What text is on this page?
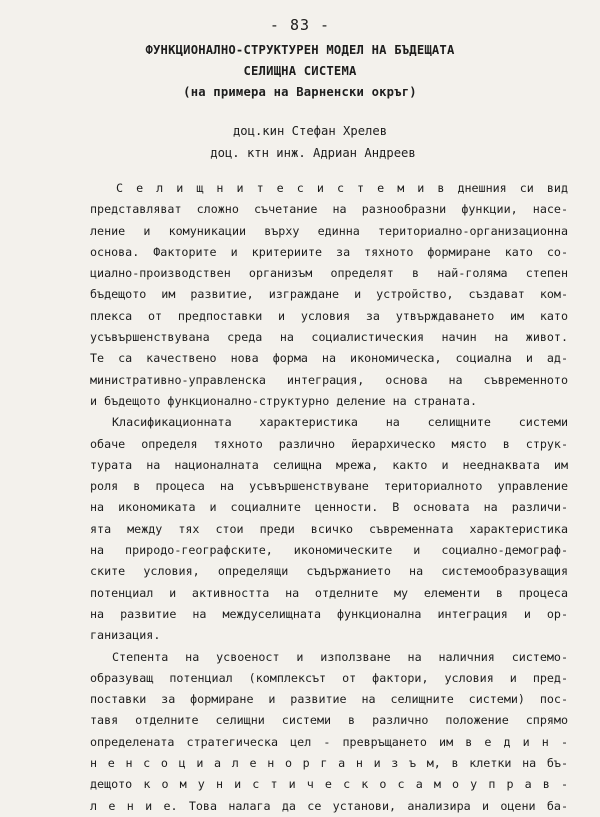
- 83 -
ФУНКЦИОНАЛНО-СТРУКТУРЕН МОДЕЛ НА БЪДЕЩАТА
СЕЛИЩНА СИСТЕМА
(на примера на Варненски окръг)
доц.кин Стефан Хрелев
доц. ктн инж. Адриан Андреев
С е л и щ н и т е с и с т е м и в днешния си вид
представляват сложно съчетание на разнообразни функции, насе-
ление и комуникации върху единна териториално-организационна
основа. Факторите и критериите за тяхното формиране като со-
циално-производствен организъм определят в най-голяма степен
бъдещото им развитие, изграждане и устройство, създават ком-
плекса от предпоставки и условия за утвърждаването им като
усъвършенствувана среда на социалистическия начин на живот.
Те са качествено нова форма на икономическа, социална и ад-
министративно-управленска интеграция, основа на съвременното
и бъдещото функционално-структурно деление на страната.
Класификационната характеристика на селищните системи
обаче определя тяхното различно йерархическо място в струк-
турата на националната селищна мрежа, както и нееднаквата им
роля в процеса на усъвършенствуване териториалното управление
на икономиката и социалните ценности. В основата на различи-
ята между тях стои преди всичко съвременната характеристика
на природо-географските, икономическите и социално-демограф-
ските условия, определящи съдържанието на системообразуващия
потенциал и активността на отделните му елементи в процеса
на развитие на междуселищната функционална интеграция и ор-
ганизация.
Степента на усвоеност и използване на наличния системо-
образуващ потенциал (комплексът от фактори, условия и пред-
поставки за формиране и развитие на селищните системи) пос-
тавя отделните селищни системи в различно положение спрямо
определената стратегическа цел - превръщането им в е д и н -
н е н с о ц и а л е н о р г а н и з ъ м, в клетки на бъ-
дещото к о м у н и с т и ч е с к о с а м о у п р а в -
л е н и е. Това налага да се установи, анализира и оцени ба-
